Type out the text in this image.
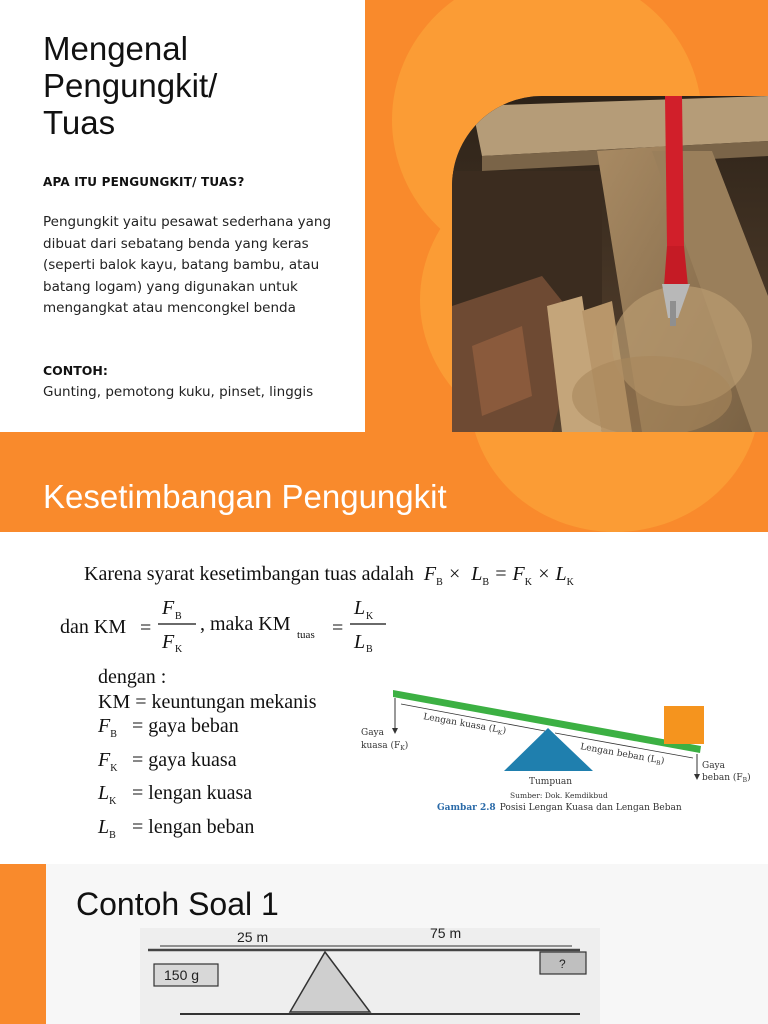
Mengenal
Pengungkit/
Tuas
APA ITU PENGUNGKIT/ TUAS?
Pengungkit yaitu pesawat sederhana yang dibuat dari sebatang benda yang keras (seperti balok kayu, batang bambu, atau batang logam) yang digunakan untuk mengangkat atau mencongkel benda
CONTOH:
Gunting, pemotong kuku, pinset, linggis
Kesetimbangan Pengungkit
Karena syarat kesetimbangan tuas adalah  $F_B \times L_B = F_K \times L_K$
dan KM =
F B
F K
, maka KM tuas =
L K
L B
dengan :
KM = keuntungan mekanis
$F_B$ = gaya beban
$F_K$ = gaya kuasa
$L_K$ = lengan kuasa
$L_B$ = lengan beban
Gaya
kuasa $(F_K)$
Lengan kuasa $(L_K)$
Lengan beban $(L_B)$	Gaya
beban $(F_B)$
Tumpuan
Sumber: Dok. Kemdikbud
Gambar 2.8 Posisi Lengan Kuasa dan Lengan Beban
Contoh Soal 1
25 m	75 m
150 g
?
